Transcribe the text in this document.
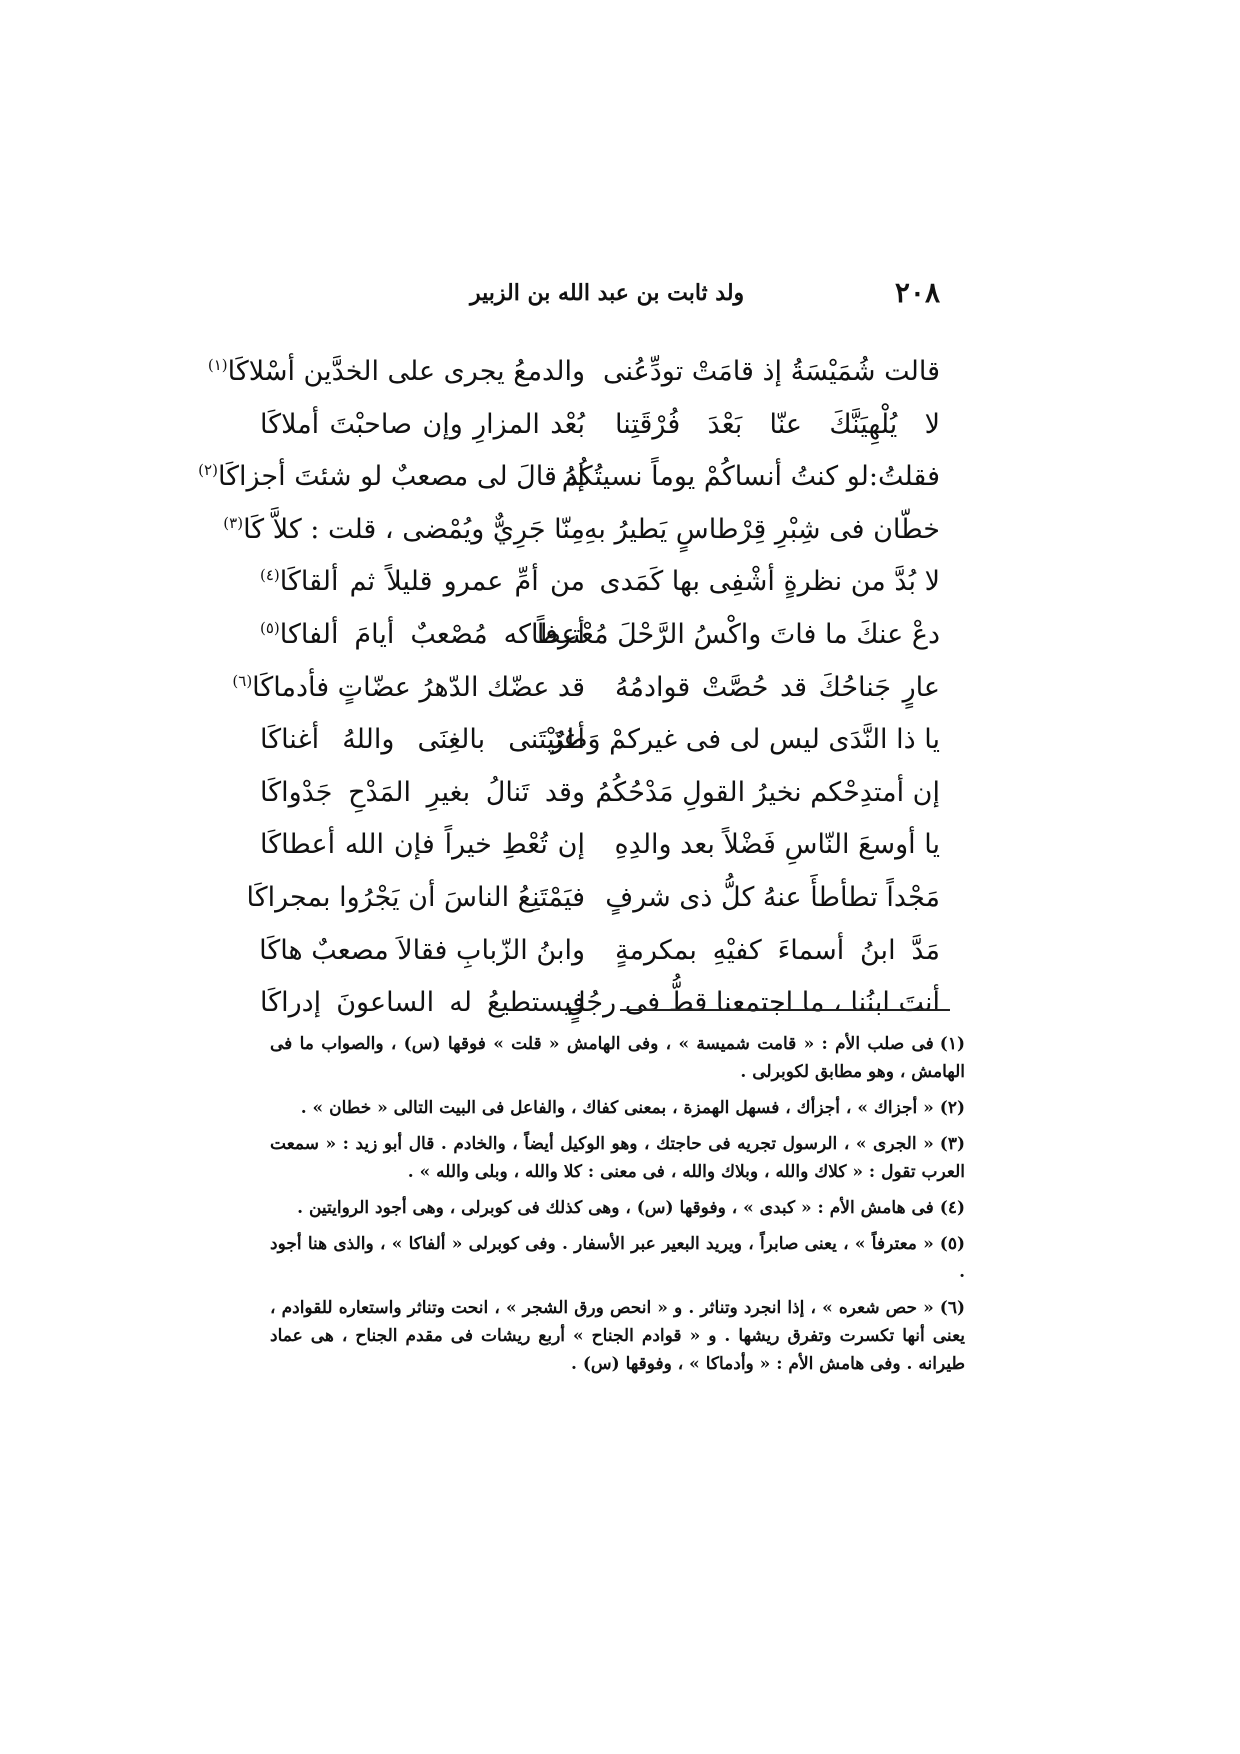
٢٠٨
ولد ثابت بن عبد الله بن الزبير
قالت شُمَيْسَةُ إذ قامَتْ تودِّعُنى
والدمعُ يجرى على الخدَّين أسْلاكَا$^{(١)}$
لا يُلْهِيَنَّكَ عنّا بَعْدَ فُرْقَتِنا
بُعْد المزارِ وإن صاحبْتَ أملاكَا
فقلتُ:لو كنتُ أنساكُمْ يوماً نسيتُكُمُ
إذ قالَ لى مصعبٌ لو شئتَ أجزاكَا$^{(٢)}$
خطّان فى شِبْرِ قِرْطاسٍ يَطيرُ بهِ
مِنّا جَرِيٌّ ويُمْضى ، قلت : كلاَّ كَا$^{(٣)}$
لا بُدَّ من نظرةٍ أشْفِى بها كَمَدى
من أمِّ عمرو قليلاً ثم ألقاكَا$^{(٤)}$
دعْ عنكَ ما فاتَ واكْسُ الرَّحْلَ مُعْترفاً
أعطاكه مُصْعبٌ أيامَ ألفاكا$^{(٥)}$
عارٍ جَناحُكَ قد حُصَّتْ قوادمُهُ
قد عضّك الدّهرُ عضّاتٍ فأدماكَا$^{(٦)}$
يا ذا النَّدَى ليس لى فى غيركمْ وَطرٌ
أغنَيْتَنى بالغِنَى واللهُ أغناكَا
إن أمتدِحْكم نخيرُ القولِ مَدْحُكُمُ
وقد تَنالُ بغيرِ المَدْحِ جَدْواكَا
يا أوسعَ النّاسِ فَضْلاً بعد والدِهِ
إن تُعْطِ خيراً فإن الله أعطاكَا
مَجْداً تطأطأَ عنهُ كلُّ ذى شرفٍ
فيَمْتَنِعُ الناسَ أن يَجْرُوا بمجراكَا
مَدَّ ابنُ أسماءَ كفيْهِ بمكرمةٍ
وابنُ الزّبابِ فقالاَ مصعبٌ هاكَا
أنتَ ابنُنا ، ما اجتمعنا قطُّ فى رجُلٍ
فيستطيعُ له الساعونَ إدراكَا

(١)فى صلب الأم : « قامت شميسة » ، وفى الهامش « قلت » فوقها (س) ، والصواب ما فى الهامش ، وهو مطابق لكوبرلى .

(٢)« أجزاك » ، أجزأك ، فسهل الهمزة ، بمعنى كفاك ، والفاعل فى البيت التالى « خطان » .

(٣)« الجرى » ، الرسول تجريه فى حاجتك ، وهو الوكيل أيضاً ، والخادم . قال أبو زيد : « سمعت العرب تقول : « كلاك والله ، وبلاك والله ، فى معنى : كلا والله ، وبلى والله » .

(٤)فى هامش الأم : « كبدى » ، وفوقها (س) ، وهى كذلك فى كوبرلى ، وهى أجود الروايتين .

(٥)« معترفاً » ، يعنى صابراً ، ويريد البعير عبر الأسفار . وفى كوبرلى « ألفاكا » ، والذى هنا أجود .

(٦)« حص شعره » ، إذا انجرد وتناثر . و « انحص ورق الشجر » ، انحت وتناثر واستعاره للقوادم ، يعنى أنها تكسرت وتفرق ريشها . و « قوادم الجناح » أربع ريشات فى مقدم الجناح ، هى عماد طيرانه . وفى هامش الأم : « وأدماكا » ، وفوقها (س) .
